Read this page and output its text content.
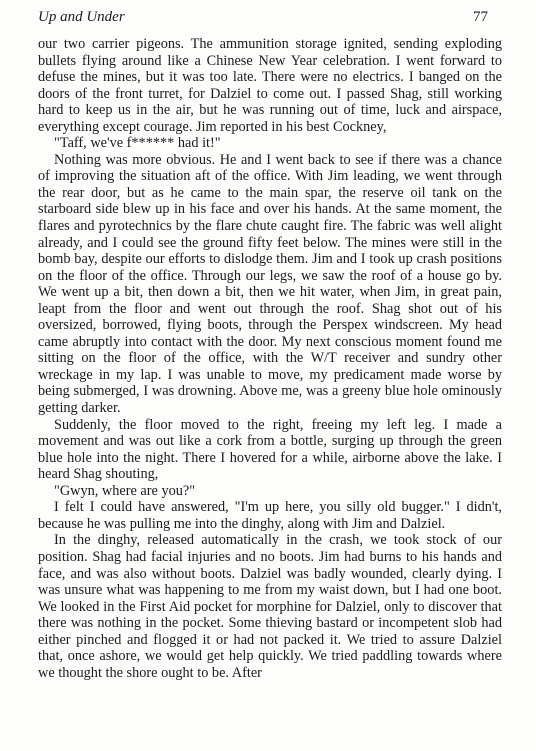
Up and Under	77

our two carrier pigeons. The ammunition storage ignited, sending exploding bullets flying around like a Chinese New Year celebration. I went forward to defuse the mines, but it was too late. There were no electrics. I banged on the doors of the front turret, for Dalziel to come out. I passed Shag, still working hard to keep us in the air, but he was running out of time, luck and airspace, everything except courage. Jim reported in his best Cockney,

"Taff, we've f****** had it!"

Nothing was more obvious. He and I went back to see if there was a chance of improving the situation aft of the office. With Jim leading, we went through the rear door, but as he came to the main spar, the reserve oil tank on the starboard side blew up in his face and over his hands. At the same moment, the flares and pyrotechnics by the flare chute caught fire. The fabric was well alight already, and I could see the ground fifty feet below. The mines were still in the bomb bay, despite our efforts to dislodge them. Jim and I took up crash positions on the floor of the office. Through our legs, we saw the roof of a house go by. We went up a bit, then down a bit, then we hit water, when Jim, in great pain, leapt from the floor and went out through the roof. Shag shot out of his oversized, borrowed, flying boots, through the Perspex windscreen. My head came abruptly into contact with the door. My next conscious moment found me sitting on the floor of the office, with the W/T receiver and sundry other wreckage in my lap. I was unable to move, my predicament made worse by being submerged, I was drowning. Above me, was a greeny blue hole ominously getting darker.

Suddenly, the floor moved to the right, freeing my left leg. I made a movement and was out like a cork from a bottle, surging up through the green blue hole into the night. There I hovered for a while, airborne above the lake. I heard Shag shouting,

"Gwyn, where are you?"

I felt I could have answered, "I'm up here, you silly old bugger." I didn't, because he was pulling me into the dinghy, along with Jim and Dalziel.

In the dinghy, released automatically in the crash, we took stock of our position. Shag had facial injuries and no boots. Jim had burns to his hands and face, and was also without boots. Dalziel was badly wounded, clearly dying. I was unsure what was happening to me from my waist down, but I had one boot. We looked in the First Aid pocket for morphine for Dalziel, only to discover that there was nothing in the pocket. Some thieving bastard or incompetent slob had either pinched and flogged it or had not packed it. We tried to assure Dalziel that, once ashore, we would get help quickly. We tried paddling towards where we thought the shore ought to be. After
